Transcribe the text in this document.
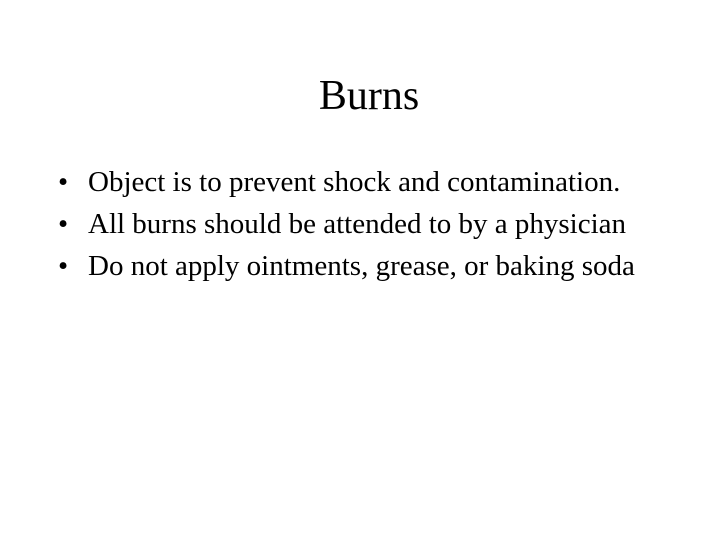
Burns
• Object is to prevent shock and contamination.
• All burns should be attended to by a physician
• Do not apply ointments, grease, or baking soda
